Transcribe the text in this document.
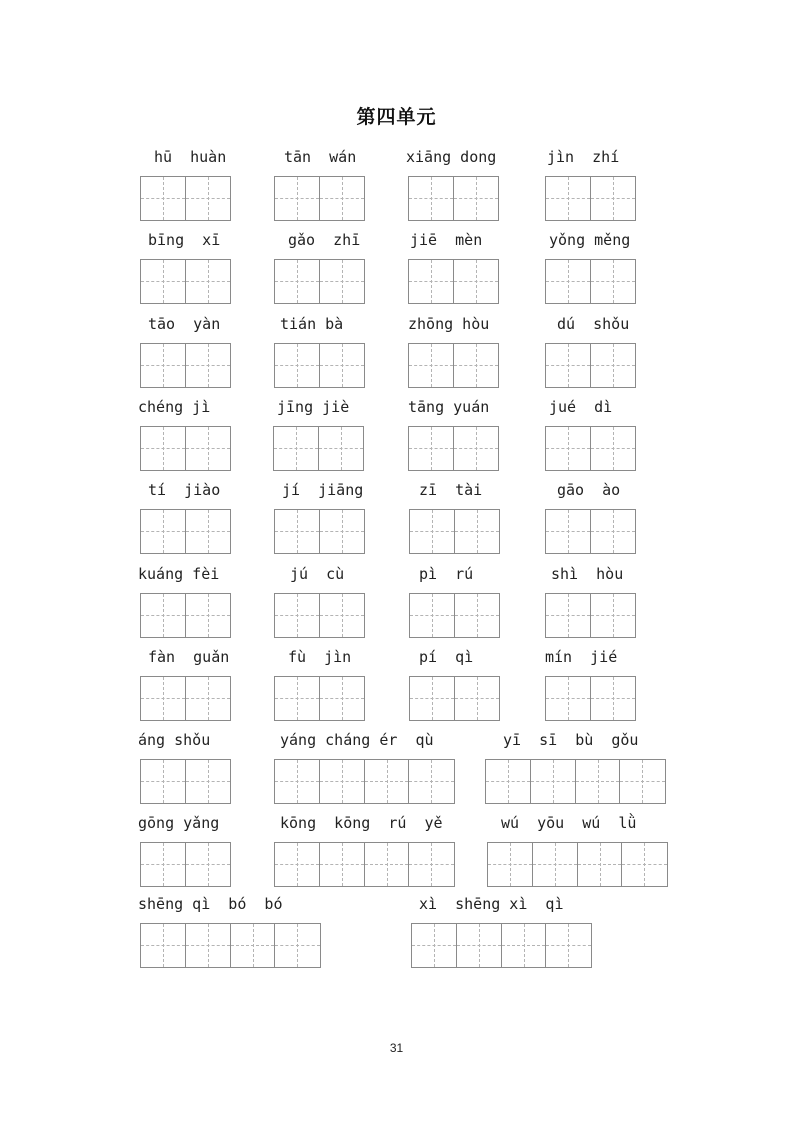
第四单元
hū  huàn	tān  wán	xiāng dong	jìn  zhí
bīng  xī	gǎo  zhī	jiē  mèn	yǒng měng
tāo  yàn	tián bà	zhōng hòu	dú  shǒu
chéng jì	jīng jiè	tāng yuán	jué  dì
tí  jiào	jí  jiāng	zī  tài	gāo  ào
kuáng fèi	jú  cù	pì  rú	shì  hòu
fàn  guǎn	fù  jìn	pí  qì	mín  jié
áng shǒu	yáng cháng ér  qù	yī  sī  bù  gǒu
gōng yǎng	kōng  kōng  rú  yě	wú  yōu  wú  lǜ
shēng qì  bó  bó	xì  shēng xì  qì
31
